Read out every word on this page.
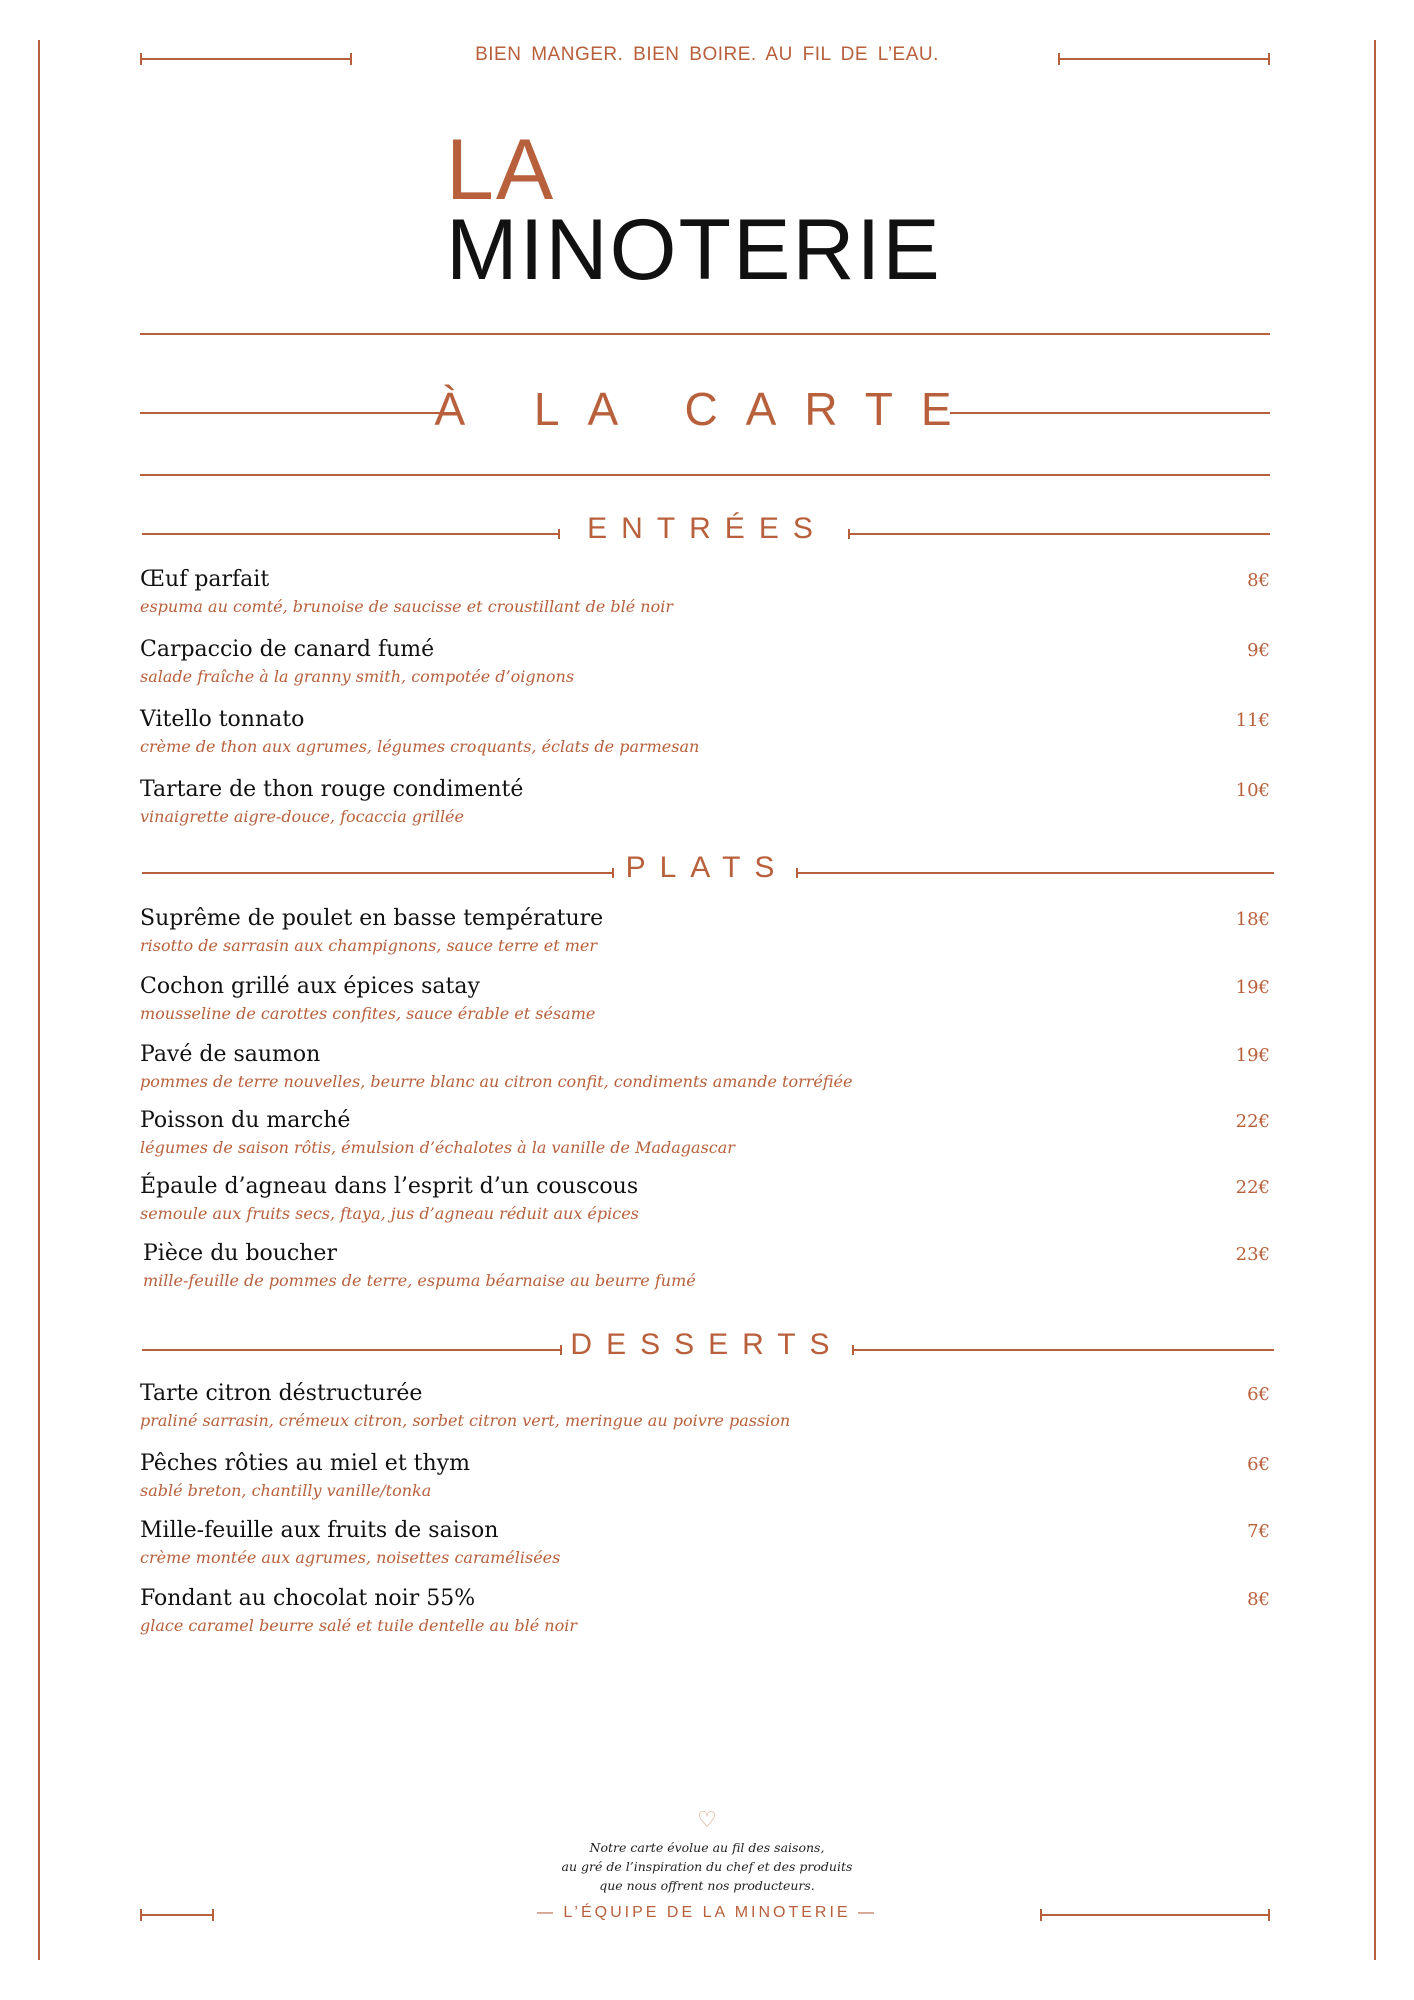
BIEN MANGER. BIEN BOIRE. AU FIL DE L’EAU.
LA
MINOTERIE
À LA CARTE
ENTRÉES
Œuf parfait
espuma au comté, brunoise de saucisse et croustillant de blé noir
8€
Carpaccio de canard fumé
salade fraîche à la granny smith, compotée d’oignons
9€
Vitello tonnato
crème de thon aux agrumes, légumes croquants, éclats de parmesan
11€
Tartare de thon rouge condimenté
vinaigrette aigre-douce, focaccia grillée
10€
PLATS
Suprême de poulet en basse température
risotto de sarrasin aux champignons, sauce terre et mer
18€
Cochon grillé aux épices satay
mousseline de carottes confites, sauce érable et sésame
19€
Pavé de saumon
pommes de terre nouvelles, beurre blanc au citron confit, condiments amande torréfiée
19€
Poisson du marché
légumes de saison rôtis, émulsion d’échalotes à la vanille de Madagascar
22€
Épaule d’agneau dans l’esprit d’un couscous
semoule aux fruits secs, ftaya, jus d’agneau réduit aux épices
22€
Pièce du boucher
mille-feuille de pommes de terre, espuma béarnaise au beurre fumé
23€
DESSERTS
Tarte citron déstructurée
praliné sarrasin, crémeux citron, sorbet citron vert, meringue au poivre passion
6€
Pêches rôties au miel et thym
sablé breton, chantilly vanille/tonka
6€
Mille-feuille aux fruits de saison
crème montée aux agrumes, noisettes caramélisées
7€
Fondant au chocolat noir 55%
glace caramel beurre salé et tuile dentelle au blé noir
8€
♡
Notre carte évolue au fil des saisons,
au gré de l’inspiration du chef et des produits
que nous offrent nos producteurs.
— L’ÉQUIPE DE LA MINOTERIE —
